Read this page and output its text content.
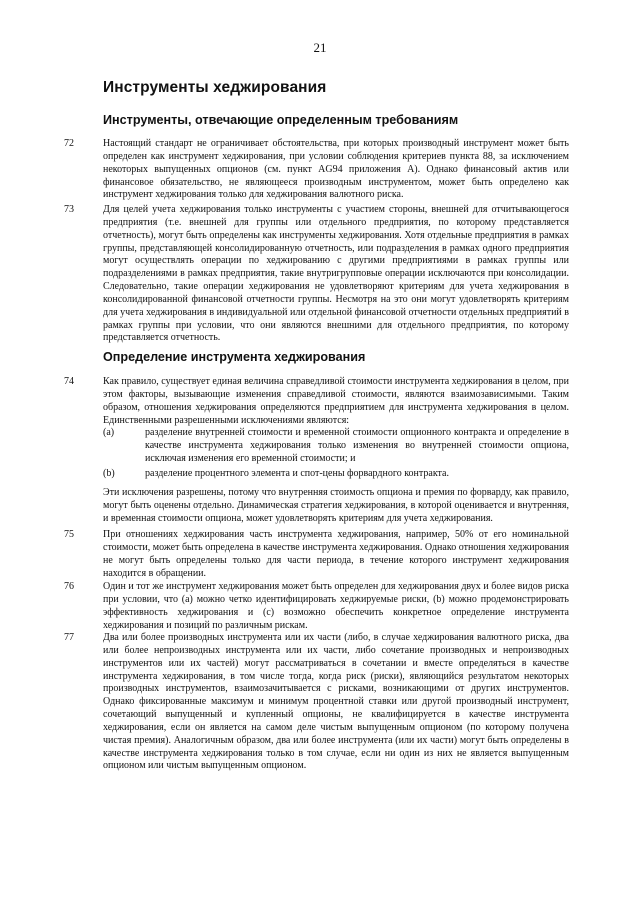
21
Инструменты хеджирования
Инструменты, отвечающие определенным требованиям
72	Настоящий стандарт не ограничивает обстоятельства, при которых производный инструмент может быть определен как инструмент хеджирования, при условии соблюдения критериев пункта 88, за исключением некоторых выпущенных опционов (см. пункт AG94 приложения А). Однако финансовый актив или финансовое обязательство, не являющееся производным инструментом, может быть определено как инструмент хеджирования только для хеджирования валютного риска.
73	Для целей учета хеджирования только инструменты с участием стороны, внешней для отчитывающегося предприятия (т.е. внешней для группы или отдельного предприятия, по которому представляется отчетность), могут быть определены как инструменты хеджирования. Хотя отдельные предприятия в рамках группы, представляющей консолидированную отчетность, или подразделения в рамках одного предприятия могут осуществлять операции по хеджированию с другими предприятиями в рамках группы или подразделениями в рамках предприятия, такие внутригрупповые операции исключаются при консолидации. Следовательно, такие операции хеджирования не удовлетворяют критериям для учета хеджирования в консолидированной финансовой отчетности группы. Несмотря на это они могут удовлетворять критериям для учета хеджирования в индивидуальной или отдельной финансовой отчетности отдельных предприятий в рамках группы при условии, что они являются внешними для отдельного предприятия, по которому представляется отчетность.
Определение инструмента хеджирования
74	Как правило, существует единая величина справедливой стоимости инструмента хеджирования в целом, при этом факторы, вызывающие изменения справедливой стоимости, являются взаимозависимыми. Таким образом, отношения хеджирования определяются предприятием для инструмента хеджирования в целом. Единственными разрешенными исключениями являются:
(a)	разделение внутренней стоимости и временной стоимости опционного контракта и определение в качестве инструмента хеджирования только изменения во внутренней стоимости опциона, исключая изменения его временной стоимости; и
(b)	разделение процентного элемента и спот-цены форвардного контракта.
Эти исключения разрешены, потому что внутренняя стоимость опциона и премия по форварду, как правило, могут быть оценены отдельно. Динамическая стратегия хеджирования, в которой оценивается и внутренняя, и временная стоимости опциона, может удовлетворять критериям для учета хеджирования.
75	При отношениях хеджирования часть инструмента хеджирования, например, 50% от его номинальной стоимости, может быть определена в качестве инструмента хеджирования. Однако отношения хеджирования не могут быть определены только для части периода, в течение которого инструмент хеджирования находится в обращении.
76	Один и тот же инструмент хеджирования может быть определен для хеджирования двух и более видов риска при условии, что (а) можно четко идентифицировать хеджируемые риски, (b) можно продемонстрировать эффективность хеджирования и (с) возможно обеспечить конкретное определение инструмента хеджирования и позиций по различным рискам.
77	Два или более производных инструмента или их части (либо, в случае хеджирования валютного риска, два или более непроизводных инструмента или их части, либо сочетание производных и непроизводных инструментов или их частей) могут рассматриваться в сочетании и вместе определяться в качестве инструмента хеджирования, в том числе тогда, когда риск (риски), являющийся результатом некоторых производных инструментов, взаимозачитывается с рисками, возникающими от других инструментов. Однако фиксированные максимум и минимум процентной ставки или другой производный инструмент, сочетающий выпущенный и купленный опционы, не квалифицируется в качестве инструмента хеджирования, если он является на самом деле чистым выпущенным опционом (по которому получена чистая премия). Аналогичным образом, два или более инструмента (или их части) могут быть определены в качестве инструмента хеджирования только в том случае, если ни один из них не является выпущенным опционом или чистым выпущенным опционом.
